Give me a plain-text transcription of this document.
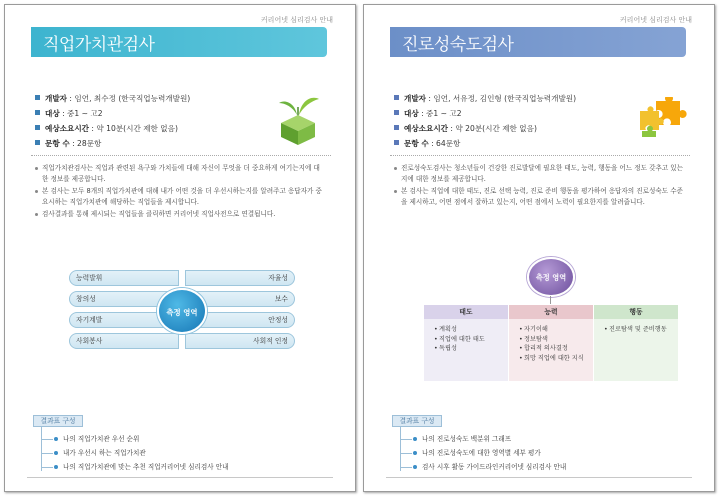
커리어넷 심리검사 안내
직업가치관검사
개발자 : 임언, 최수정 (한국직업능력개발원)
대상 : 중1 ~ 고2
예상소요시간 : 약 10분(시간 제한 없음)
문항 수 : 28문항

직업가치관검사는 직업과 관련된 욕구와 가치들에 대해 자신이 무엇을 더 중요하게 여기는지에 대한 정보를 제공합니다.

본 검사는 모두 8개의 직업가치관에 대해 내가 어떤 것을 더 우선시하는지를 알려주고 응답자가 중요시하는 직업가치관에 해당하는 직업들을 제시합니다.

검사결과를 통해 제시되는 직업들을 클릭하면 커리어넷 직업사전으로 연결됩니다.

능력발휘
창의성
자기계발
사회봉사
자율성
보수
안정성
사회적 인정
측정 영역
결과표 구성
나의 직업가치관 우선 순위
내가 우선시 하는 직업가치관
나의 직업가치관에 맞는 추천 직업커리어넷 심리검사 안내
커리어넷 심리검사 안내
진로성숙도검사
개발자 : 임언, 서유정, 김인형 (한국직업능력개발원)
대상 : 중1 ~ 고2
예상소요시간 : 약 20분(시간 제한 없음)
문항 수 : 64문항

진로성숙도검사는 청소년들이 건강한 진로발달에 필요한 태도, 능력, 행동을 어느 정도 갖추고 있는지에 대한 정보를 제공합니다.

본 검사는 직업에 대한 태도, 진로 선택 능력, 진로 준비 행동을 평가하여 응답자의 진로성숙도 수준을 제시하고, 어떤 점에서 잘하고 있는지, 어떤 점에서 노력이 필요한지를 알려줍니다.

측정 영역
태도

• 계획성

• 직업에 대한 태도

• 독립성

능력

• 자기이해

• 정보탐색

• 합리적 의사결정

• 희망 직업에 대한 지식

행동

• 진로탐색 및 준비행동

결과표 구성
나의 진로성숙도 백분위 그래프
나의 진로성숙도에 대한 영역별 세부 평가
검사 시후 활동 가이드라인커리어넷 심리검사 안내
